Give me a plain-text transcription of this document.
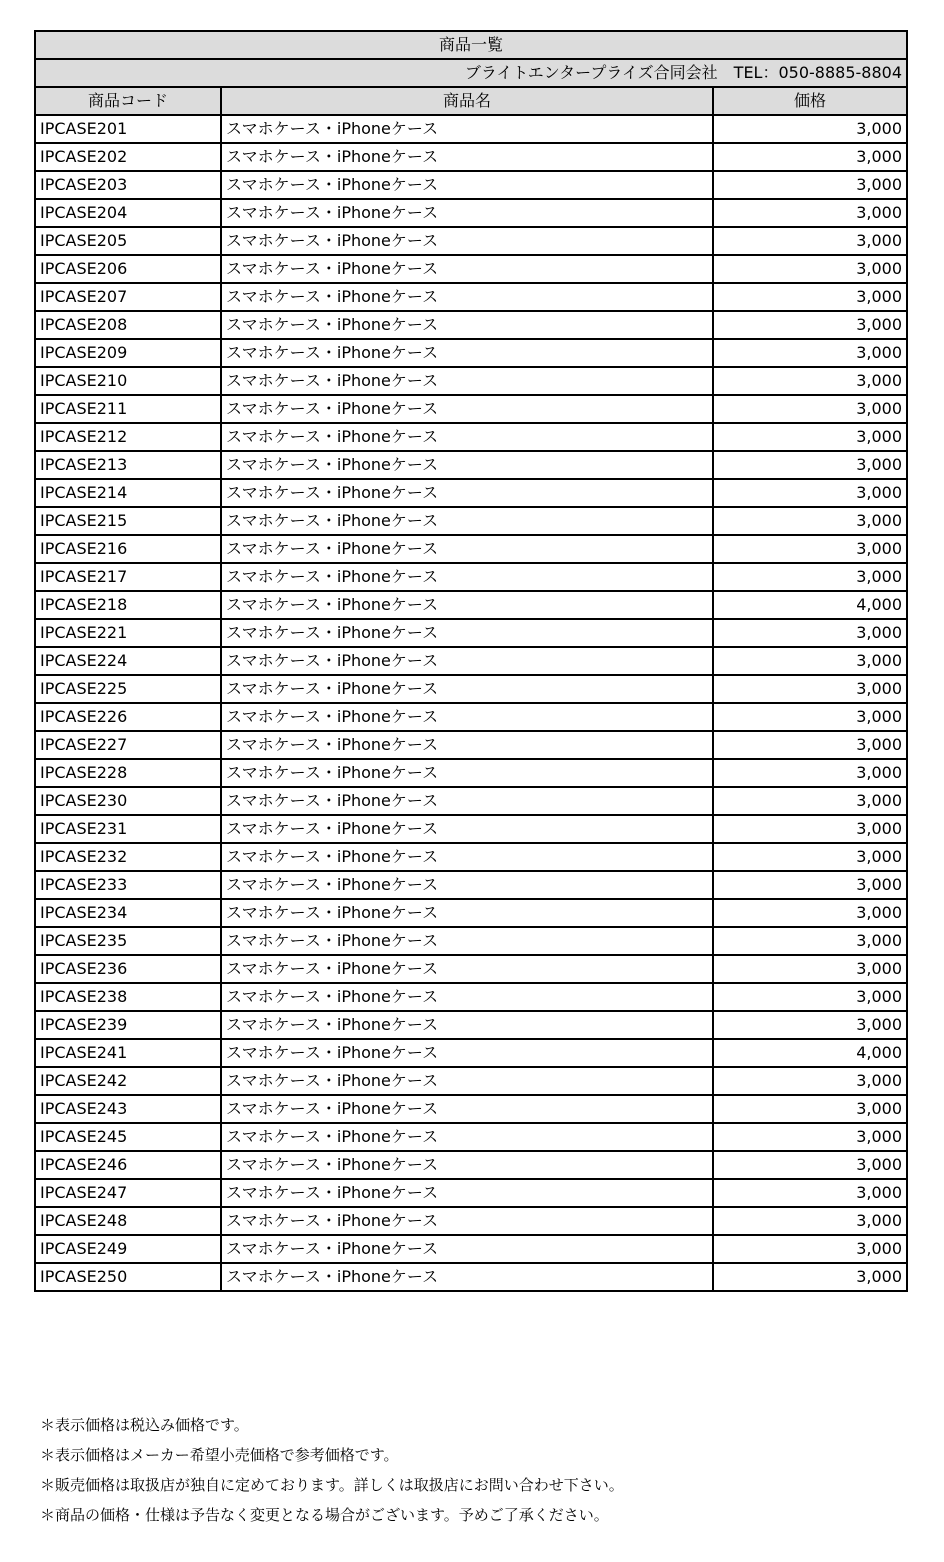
商品一覧		
ブライトエンタープライズ合同会社　TEL：050-8885-8804		
商品コード	商品名	価格
IPCASE201	スマホケース・iPhoneケース	3,000
IPCASE202	スマホケース・iPhoneケース	3,000
IPCASE203	スマホケース・iPhoneケース	3,000
IPCASE204	スマホケース・iPhoneケース	3,000
IPCASE205	スマホケース・iPhoneケース	3,000
IPCASE206	スマホケース・iPhoneケース	3,000
IPCASE207	スマホケース・iPhoneケース	3,000
IPCASE208	スマホケース・iPhoneケース	3,000
IPCASE209	スマホケース・iPhoneケース	3,000
IPCASE210	スマホケース・iPhoneケース	3,000
IPCASE211	スマホケース・iPhoneケース	3,000
IPCASE212	スマホケース・iPhoneケース	3,000
IPCASE213	スマホケース・iPhoneケース	3,000
IPCASE214	スマホケース・iPhoneケース	3,000
IPCASE215	スマホケース・iPhoneケース	3,000
IPCASE216	スマホケース・iPhoneケース	3,000
IPCASE217	スマホケース・iPhoneケース	3,000
IPCASE218	スマホケース・iPhoneケース	4,000
IPCASE221	スマホケース・iPhoneケース	3,000
IPCASE224	スマホケース・iPhoneケース	3,000
IPCASE225	スマホケース・iPhoneケース	3,000
IPCASE226	スマホケース・iPhoneケース	3,000
IPCASE227	スマホケース・iPhoneケース	3,000
IPCASE228	スマホケース・iPhoneケース	3,000
IPCASE230	スマホケース・iPhoneケース	3,000
IPCASE231	スマホケース・iPhoneケース	3,000
IPCASE232	スマホケース・iPhoneケース	3,000
IPCASE233	スマホケース・iPhoneケース	3,000
IPCASE234	スマホケース・iPhoneケース	3,000
IPCASE235	スマホケース・iPhoneケース	3,000
IPCASE236	スマホケース・iPhoneケース	3,000
IPCASE238	スマホケース・iPhoneケース	3,000
IPCASE239	スマホケース・iPhoneケース	3,000
IPCASE241	スマホケース・iPhoneケース	4,000
IPCASE242	スマホケース・iPhoneケース	3,000
IPCASE243	スマホケース・iPhoneケース	3,000
IPCASE245	スマホケース・iPhoneケース	3,000
IPCASE246	スマホケース・iPhoneケース	3,000
IPCASE247	スマホケース・iPhoneケース	3,000
IPCASE248	スマホケース・iPhoneケース	3,000
IPCASE249	スマホケース・iPhoneケース	3,000
IPCASE250	スマホケース・iPhoneケース	3,000
＊表示価格は税込み価格です。
＊表示価格はメーカー希望小売価格で参考価格です。
＊販売価格は取扱店が独自に定めております。詳しくは取扱店にお問い合わせ下さい。
＊商品の価格・仕様は予告なく変更となる場合がございます。予めご了承ください。
